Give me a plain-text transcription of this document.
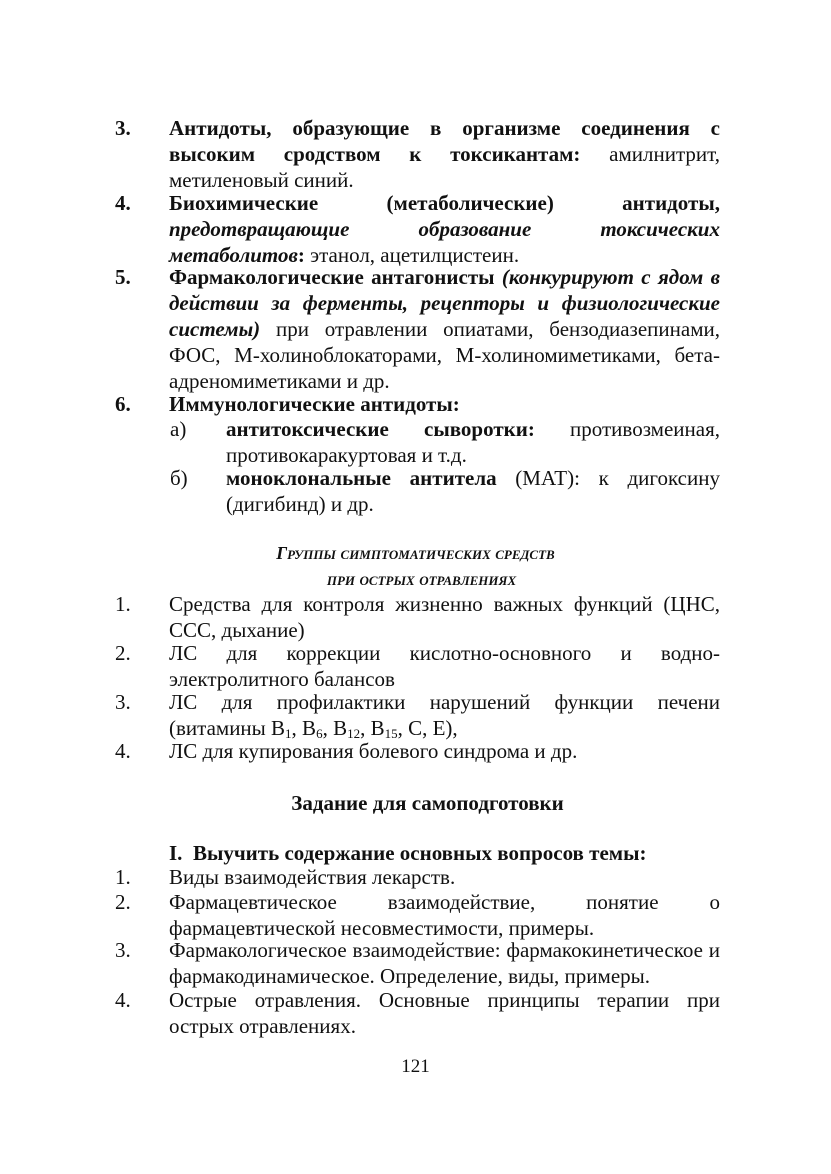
3. Антидоты, образующие в организме соединения с высоким сродством к токсикантам: амилнитрит, метиленовый синий.
4. Биохимические (метаболические) антидоты, предотвращающие образование токсических метаболитов: этанол, ацетилцистеин.
5. Фармакологические антагонисты (конкурируют с ядом в действии за ферменты, рецепторы и физиологические системы) при отравлении опиатами, бензодиазепинами, ФОС, М-холиноблокаторами, М-холиномиметиками, бета-адреномиметиками и др.
6. Иммунологические антидоты:
а) антитоксические сыворотки: противозмеиная, противокаракуртовая и т.д.
б) моноклональные антитела (МАТ): к дигоксину (дигибинд) и др.
Группы симптоматических средств
при острых отравлениях
1. Средства для контроля жизненно важных функций (ЦНС, ССС, дыхание)
2. ЛС для коррекции кислотно-основного и водно-электролитного балансов
3. ЛС для профилактики нарушений функции печени (витамины $В_1$, $В_6$, $В_{12}$, $В_{15}$, С, Е),
4. ЛС для купирования болевого синдрома и др.
Задание для самоподготовки
I. Выучить содержание основных вопросов темы:
1. Виды взаимодействия лекарств.
2. Фармацевтическое взаимодействие, понятие о фармацевтической несовместимости, примеры.
3. Фармакологическое взаимодействие: фармакокинетическое и фармакодинамическое. Определение, виды, примеры.
4. Острые отравления. Основные принципы терапии при острых отравлениях.
121
